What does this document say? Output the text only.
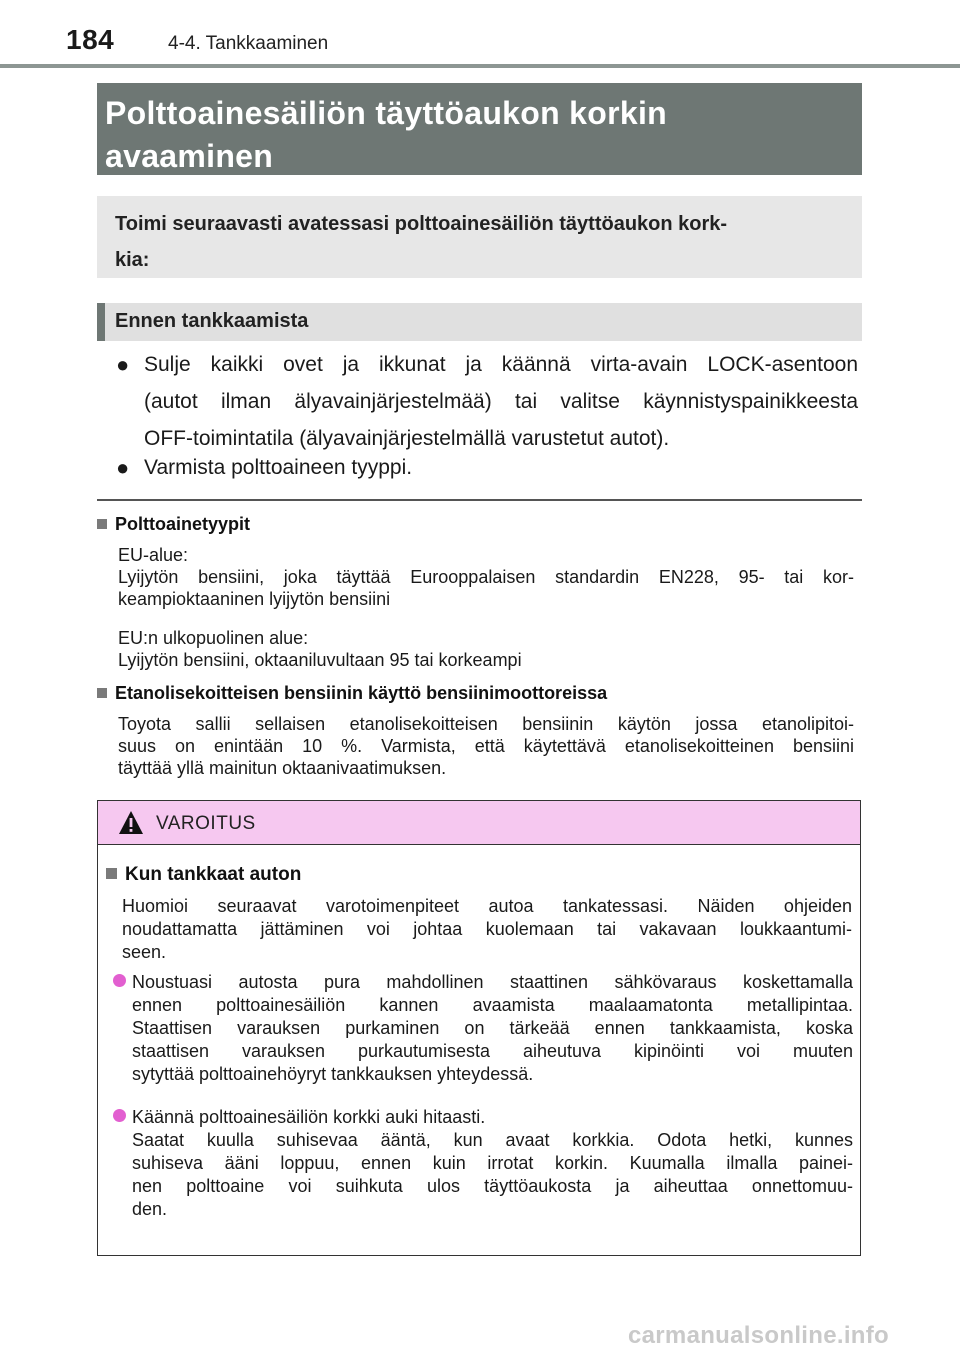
184	4-4. Tankkaaminen
Polttoainesäiliön täyttöaukon korkin
avaaminen
Toimi seuraavasti avatessasi polttoainesäiliön täyttöaukon kork-
kia:
Ennen tankkaamista
● Sulje kaikki ovet ja ikkunat ja käännä virta-avain LOCK-asentoon
(autot ilman älyavainjärjestelmää) tai valitse käynnistyspainikkeesta
OFF-toimintatila (älyavainjärjestelmällä varustetut autot).
● Varmista polttoaineen tyyppi.
Polttoainetyypit
EU-alue:
Lyijytön bensiini, joka täyttää Eurooppalaisen standardin EN228, 95- tai kor-
keampioktaaninen lyijytön bensiini
EU:n ulkopuolinen alue:
Lyijytön bensiini, oktaaniluvultaan 95 tai korkeampi
Etanolisekoitteisen bensiinin käyttö bensiinimoottoreissa
Toyota sallii sellaisen etanolisekoitteisen bensiinin käytön jossa etanolipitoi-
suus on enintään 10 %. Varmista, että käytettävä etanolisekoitteinen bensiini
täyttää yllä mainitun oktaanivaatimuksen.
VAROITUS
Kun tankkaat auton
Huomioi seuraavat varotoimenpiteet autoa tankatessasi. Näiden ohjeiden
noudattamatta jättäminen voi johtaa kuolemaan tai vakavaan loukkaantumi-
seen.
Noustuasi autosta pura mahdollinen staattinen sähkövaraus koskettamalla
ennen polttoainesäiliön kannen avaamista maalaamatonta metallipintaa.
Staattisen varauksen purkaminen on tärkeää ennen tankkaamista, koska
staattisen varauksen purkautumisesta aiheutuva kipinöinti voi muuten
sytyttää polttoainehöyryt tankkauksen yhteydessä.
Käännä polttoainesäiliön korkki auki hitaasti.
Saatat kuulla suhisevaa ääntä, kun avaat korkkia. Odota hetki, kunnes
suhiseva ääni loppuu, ennen kuin irrotat korkin. Kuumalla ilmalla painei-
nen polttoaine voi suihkuta ulos täyttöaukosta ja aiheuttaa onnettomuu-
den.
carmanualsonline.info
